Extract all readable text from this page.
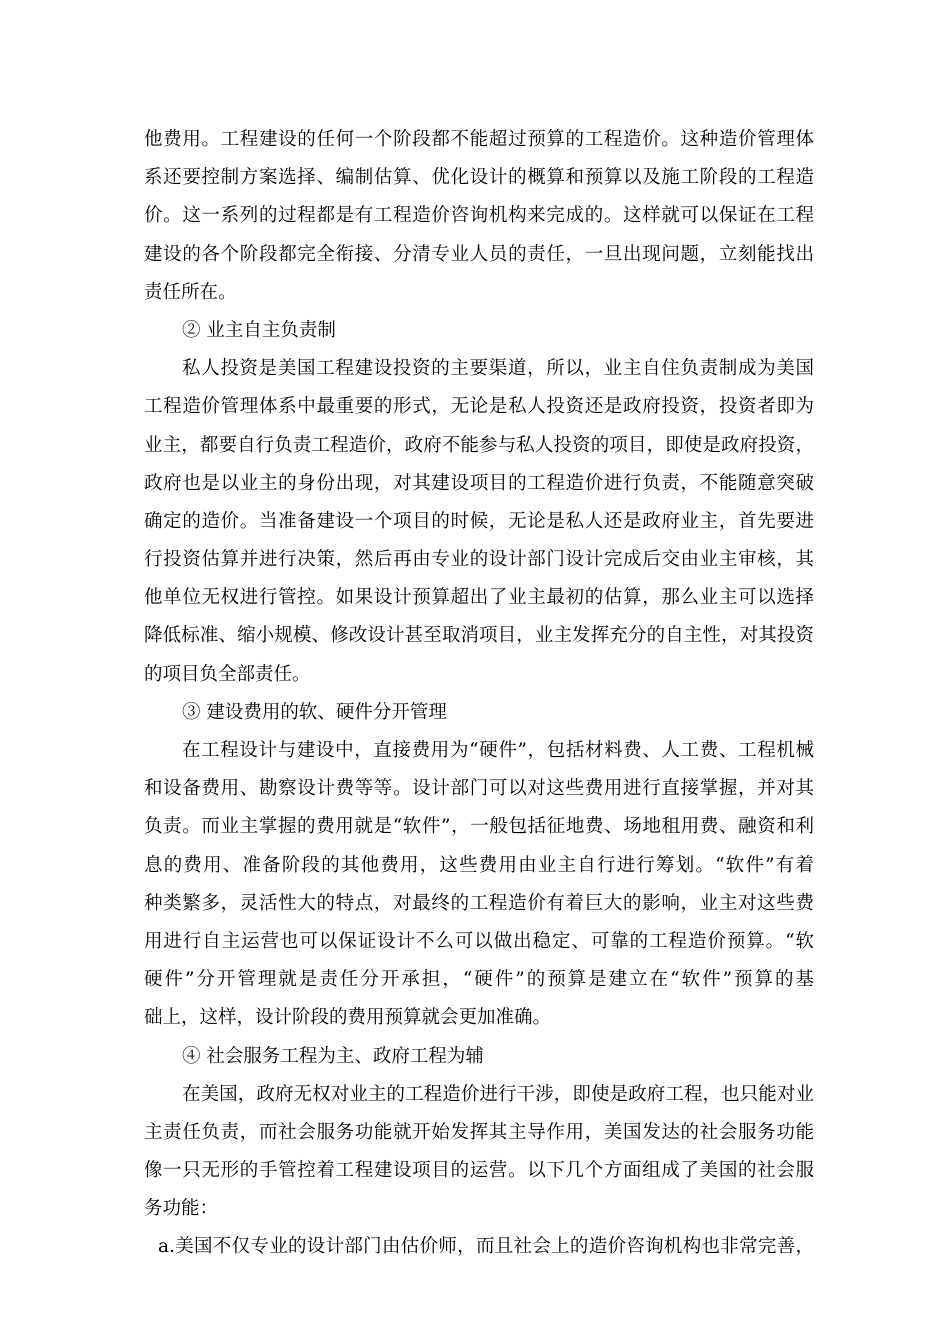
他费用。工程建设的任何一个阶段都不能超过预算的工程造价。这种造价管理体
系还要控制方案选择、编制估算、优化设计的概算和预算以及施工阶段的工程造
价。这一系列的过程都是有工程造价咨询机构来完成的。这样就可以保证在工程
建设的各个阶段都完全衔接、分清专业人员的责任，一旦出现问题，立刻能找出
责任所在。
② 业主自主负责制
私人投资是美国工程建设投资的主要渠道，所以，业主自住负责制成为美国
工程造价管理体系中最重要的形式，无论是私人投资还是政府投资，投资者即为
业主，都要自行负责工程造价，政府不能参与私人投资的项目，即使是政府投资，
政府也是以业主的身份出现，对其建设项目的工程造价进行负责，不能随意突破
确定的造价。当准备建设一个项目的时候，无论是私人还是政府业主，首先要进
行投资估算并进行决策，然后再由专业的设计部门设计完成后交由业主审核，其
他单位无权进行管控。如果设计预算超出了业主最初的估算，那么业主可以选择
降低标准、缩小规模、修改设计甚至取消项目，业主发挥充分的自主性，对其投资
的项目负全部责任。
③ 建设费用的软、硬件分开管理
在工程设计与建设中，直接费用为“硬件”，包括材料费、人工费、工程机械
和设备费用、勘察设计费等等。设计部门可以对这些费用进行直接掌握，并对其
负责。而业主掌握的费用就是“软件”，一般包括征地费、场地租用费、融资和利
息的费用、准备阶段的其他费用，这些费用由业主自行进行筹划。“软件”有着
种类繁多，灵活性大的特点，对最终的工程造价有着巨大的影响，业主对这些费
用进行自主运营也可以保证设计不么可以做出稳定、可靠的工程造价预算。“软
硬件”分开管理就是责任分开承担，“硬件”的预算是建立在“软件”预算的基
础上，这样，设计阶段的费用预算就会更加准确。
④ 社会服务工程为主、政府工程为辅
在美国，政府无权对业主的工程造价进行干涉，即使是政府工程，也只能对业
主责任负责，而社会服务功能就开始发挥其主导作用，美国发达的社会服务功能
像一只无形的手管控着工程建设项目的运营。以下几个方面组成了美国的社会服
务功能：
a.美国不仅专业的设计部门由估价师，而且社会上的造价咨询机构也非常完善，
